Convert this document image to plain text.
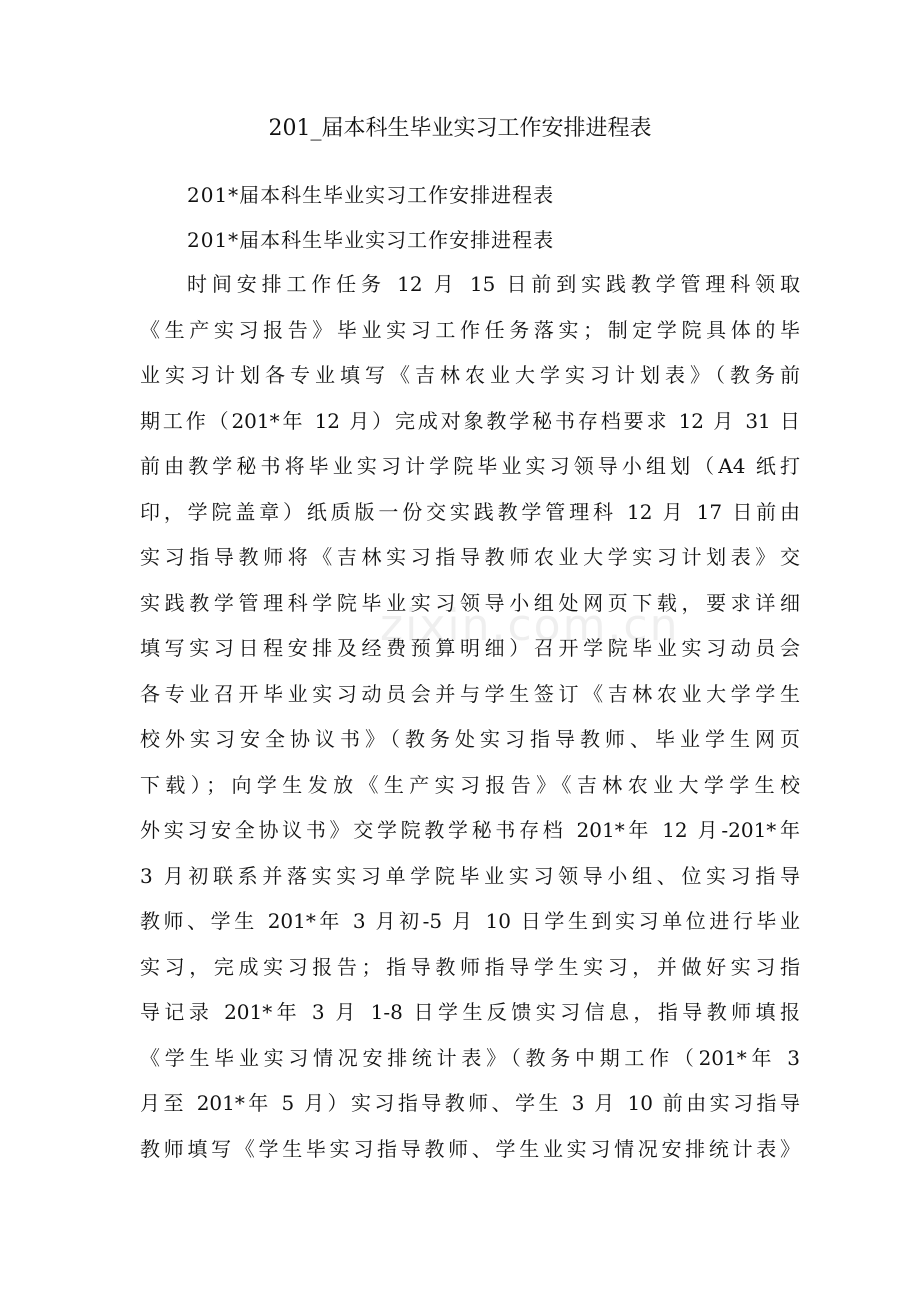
201_届本科生毕业实习工作安排进程表
201*届本科生毕业实习工作安排进程表
201*届本科生毕业实习工作安排进程表
时间安排工作任务 12 月 15 日前到实践教学管理科领取
《生产实习报告》毕业实习工作任务落实；制定学院具体的毕
业实习计划各专业填写《吉林农业大学实习计划表》（教务前
期工作（201*年 12 月）完成对象教学秘书存档要求 12 月 31 日
前由教学秘书将毕业实习计学院毕业实习领导小组划（A4 纸打
印，学院盖章）纸质版一份交实践教学管理科 12 月 17 日前由
实习指导教师将《吉林实习指导教师农业大学实习计划表》交
实践教学管理科学院毕业实习领导小组处网页下载，要求详细
填写实习日程安排及经费预算明细）召开学院毕业实习动员会
各专业召开毕业实习动员会并与学生签订《吉林农业大学学生
校外实习安全协议书》（教务处实习指导教师、毕业学生网页
下载）；向学生发放《生产实习报告》《吉林农业大学学生校
外实习安全协议书》交学院教学秘书存档 201*年 12 月-201*年
3 月初联系并落实实习单学院毕业实习领导小组、位实习指导
教师、学生 201*年 3 月初-5 月 10 日学生到实习单位进行毕业
实习，完成实习报告；指导教师指导学生实习，并做好实习指
导记录 201*年 3 月 1-8 日学生反馈实习信息，指导教师填报
《学生毕业实习情况安排统计表》（教务中期工作（201*年 3
月至 201*年 5 月）实习指导教师、学生 3 月 10 前由实习指导
教师填写《学生毕实习指导教师、学生业实习情况安排统计表》
zixin.com.cn
